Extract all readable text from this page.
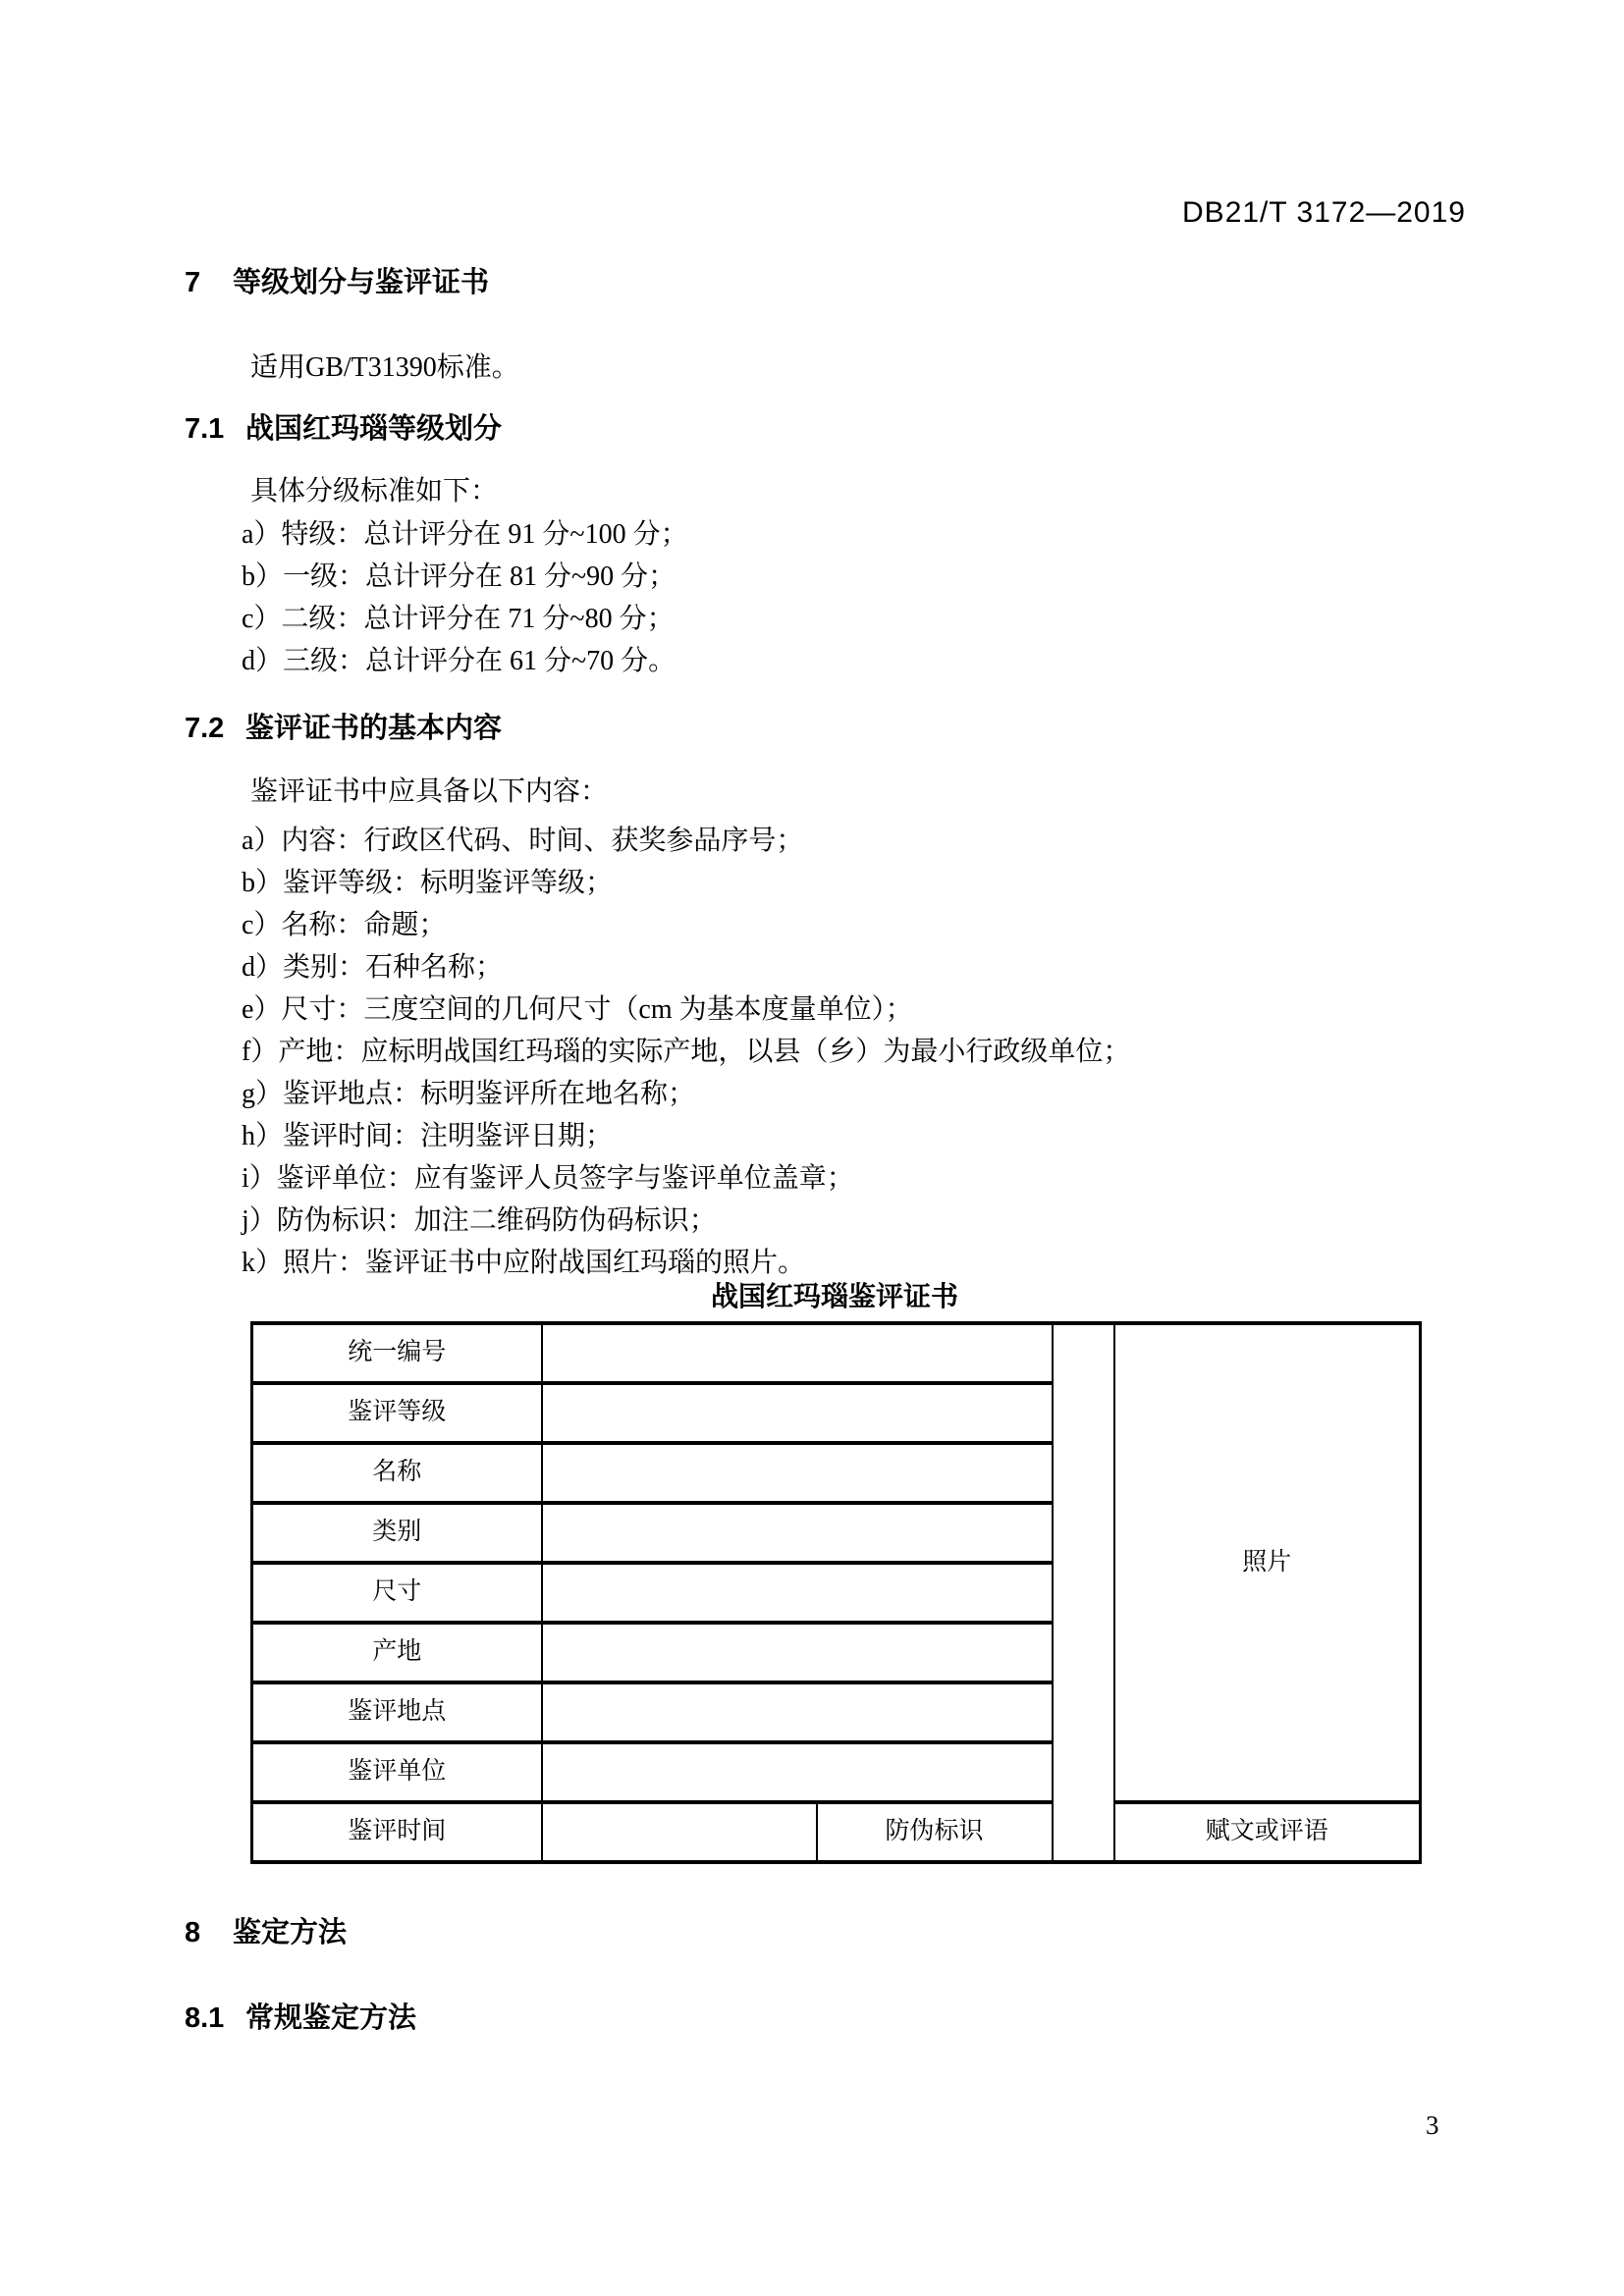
DB21/T 3172—2019
7 等级划分与鉴评证书
适用GB/T31390标准。
7.1 战国红玛瑙等级划分
具体分级标准如下：
a）特级：总计评分在 91 分~100 分；
b）一级：总计评分在 81 分~90 分；
c）二级：总计评分在 71 分~80 分；
d）三级：总计评分在 61 分~70 分。
7.2 鉴评证书的基本内容
鉴评证书中应具备以下内容：
a）内容：行政区代码、时间、获奖参品序号；
b）鉴评等级：标明鉴评等级；
c）名称：命题；
d）类别：石种名称；
e）尺寸：三度空间的几何尺寸（cm 为基本度量单位）；
f）产地：应标明战国红玛瑙的实际产地，以县（乡）为最小行政级单位；
g）鉴评地点：标明鉴评所在地名称；
h）鉴评时间：注明鉴评日期；
i）鉴评单位：应有鉴评人员签字与鉴评单位盖章；
j）防伪标识：加注二维码防伪码标识；
k）照片：鉴评证书中应附战国红玛瑙的照片。
战国红玛瑙鉴评证书
统一编号				照片
鉴评等级				
名称				
类别				
尺寸				
产地				
鉴评地点				
鉴评单位				
鉴评时间		防伪标识		赋文或评语
8 鉴定方法
8.1 常规鉴定方法
3
